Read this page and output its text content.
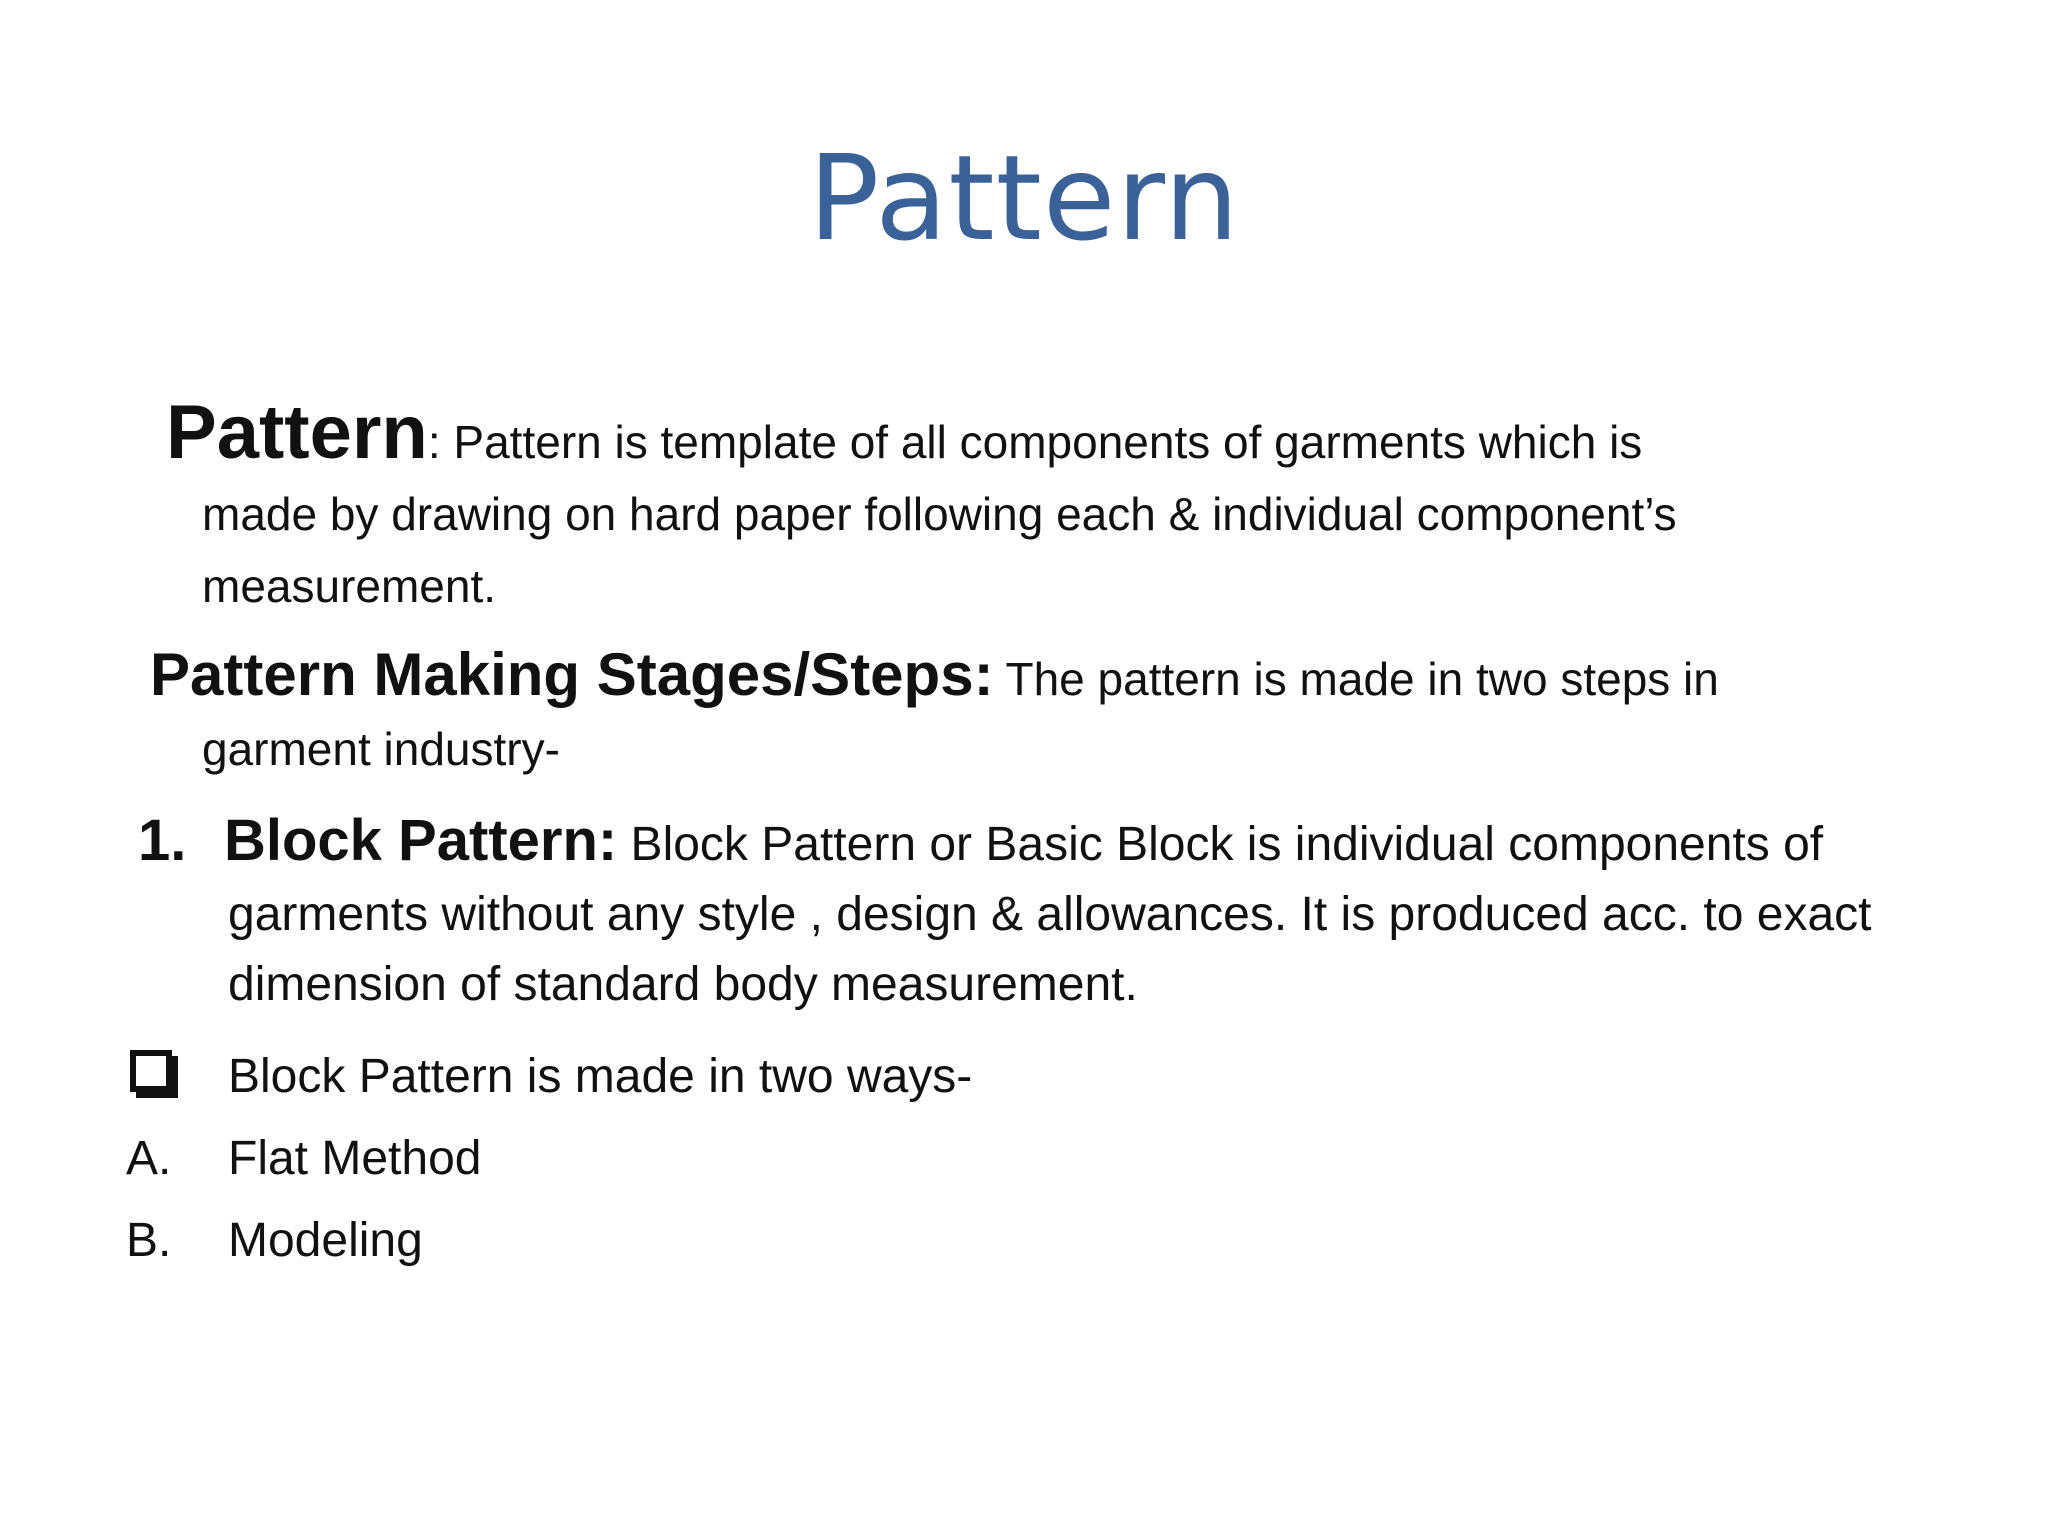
Pattern
Pattern: Pattern is template of all components of garments which is
made by drawing on hard paper following each & individual component’s measurement.
Pattern Making Stages/Steps: The pattern is made in two steps in
garment industry-
1. Block Pattern: Block Pattern or Basic Block is individual components of
garments without any style , design & allowances. It is produced acc. to exact dimension of standard body measurement.
Block Pattern is made in two ways-
A. Flat Method
B. Modeling
